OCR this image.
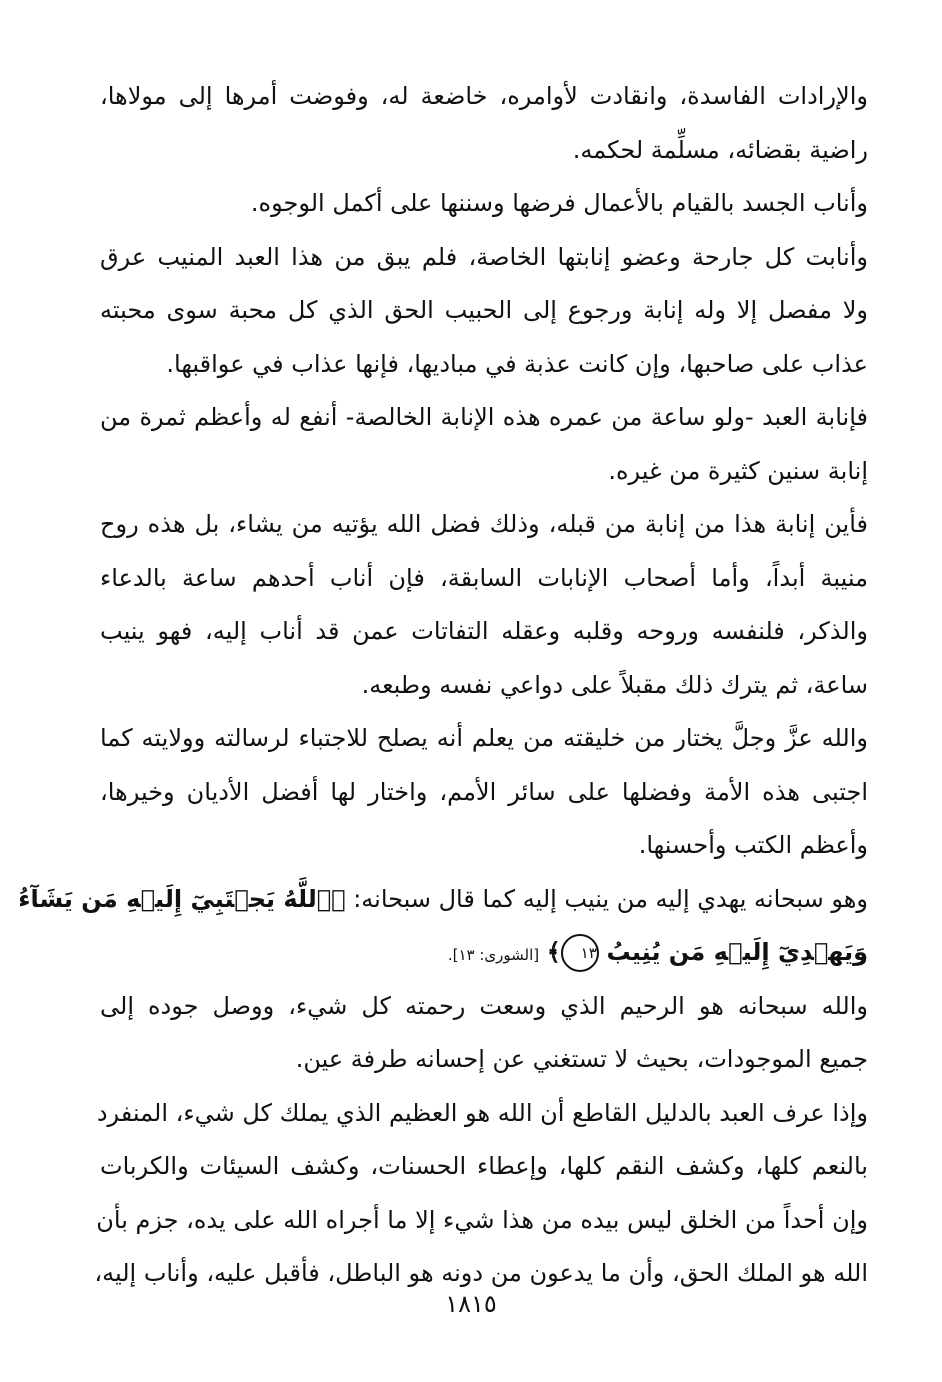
والإرادات الفاسدة، وانقادت لأوامره، خاضعة له، وفوضت أمرها إلى مولاها،
راضية بقضائه، مسلِّمة لحكمه.
وأناب الجسد بالقيام بالأعمال فرضها وسننها على أكمل الوجوه.
وأنابت كل جارحة وعضو إنابتها الخاصة، فلم يبق من هذا العبد المنيب عرق
ولا مفصل إلا وله إنابة ورجوع إلى الحبيب الحق الذي كل محبة سوى محبته
عذاب على صاحبها، وإن كانت عذبة في مباديها، فإنها عذاب في عواقبها.
فإنابة العبد -ولو ساعة من عمره هذه الإنابة الخالصة- أنفع له وأعظم ثمرة من
إنابة سنين كثيرة من غيره.
فأين إنابة هذا من إنابة من قبله، وذلك فضل الله يؤتيه من يشاء، بل هذه روح
منيبة أبداً، وأما أصحاب الإنابات السابقة، فإن أناب أحدهم ساعة بالدعاء
والذكر، فلنفسه وروحه وقلبه وعقله التفاتات عمن قد أناب إليه، فهو ينيب
ساعة، ثم يترك ذلك مقبلاً على دواعي نفسه وطبعه.
والله عزَّ وجلَّ يختار من خليقته من يعلم أنه يصلح للاجتباء لرسالته وولايته كما
اجتبى هذه الأمة وفضلها على سائر الأمم، واختار لها أفضل الأديان وخيرها،
وأعظم الكتب وأحسنها.
وهو سبحانه يهدي إليه من ينيب إليه كما قال سبحانه: ﴿ٱللَّهُ يَجۡتَبِيٓ إِلَيۡهِ مَن يَشَآءُ
وَيَهۡدِيٓ إِلَيۡهِ مَن يُنِيبُ ١٣﴾ [الشورى: ١٣].
والله سبحانه هو الرحيم الذي وسعت رحمته كل شيء، ووصل جوده إلى
جميع الموجودات، بحيث لا تستغني عن إحسانه طرفة عين.
وإذا عرف العبد بالدليل القاطع أن الله هو العظيم الذي يملك كل شيء، المنفرد
بالنعم كلها، وكشف النقم كلها، وإعطاء الحسنات، وكشف السيئات والكربات
وإن أحداً من الخلق ليس بيده من هذا شيء إلا ما أجراه الله على يده، جزم بأن
الله هو الملك الحق، وأن ما يدعون من دونه هو الباطل، فأقبل عليه، وأناب إليه،
١٨١٥
